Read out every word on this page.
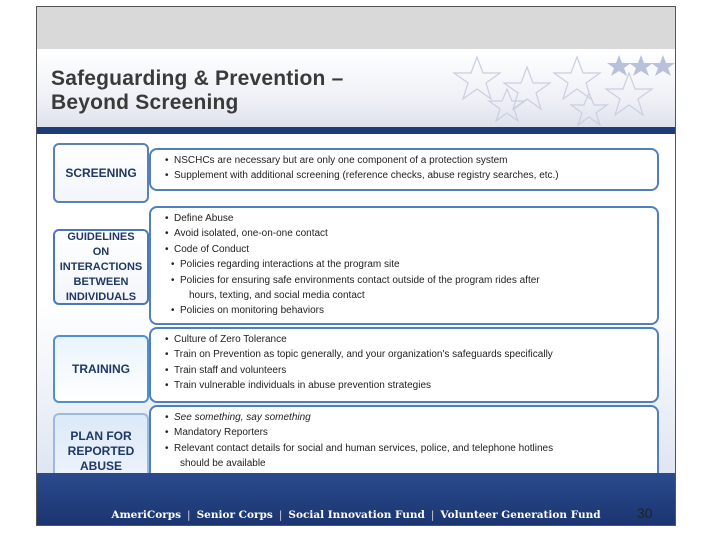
Safeguarding & Prevention –
Beyond Screening
SCREENING
• NSCHCs are necessary but are only one component of a protection system
• Supplement with additional screening (reference checks, abuse registry searches, etc.)
GUIDELINES ON INTERACTIONS BETWEEN INDIVIDUALS
• Define Abuse
• Avoid isolated, one-on-one contact
• Code of Conduct
• Policies regarding interactions at the program site
• Policies for ensuring safe environments contact outside of the program rides after
hours, texting, and social media contact
• Policies on monitoring behaviors
TRAINING
• Culture of Zero Tolerance
• Train on Prevention as topic generally, and your organization's safeguards specifically
• Train staff and volunteers
• Train vulnerable individuals in abuse prevention strategies
PLAN FOR REPORTED ABUSE
• See something, say something
• Mandatory Reporters
• Relevant contact details for social and human services, police, and telephone hotlines
should be available
•
AmeriCorps | Senior Corps | Social Innovation Fund | Volunteer Generation Fund	30
